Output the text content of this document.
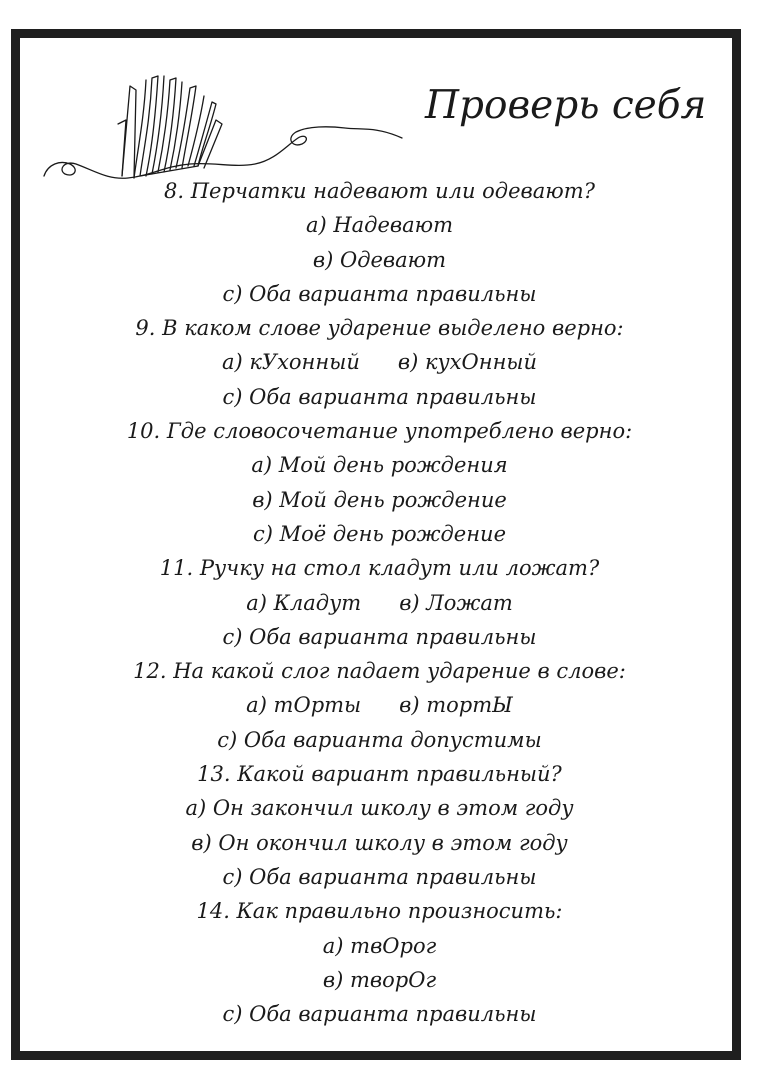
Проверь себя
8. Перчатки надевают или одевают?
а) Надевают
в) Одевают
с) Оба варианта правильны
9. В каком слове ударение выделено верно:
а) кУхонный в) кухОнный
с) Оба варианта правильны
10. Где словосочетание употреблено верно:
а) Мой день рождения
в) Мой день рождение
с) Моё день рождение
11. Ручку на стол кладут или ложат?
а) Кладут в) Ложат
с) Оба варианта правильны
12. На какой слог падает ударение в слове:
а) тОрты в) тортЫ
с) Оба варианта допустимы
13. Какой вариант правильный?
а) Он закончил школу в этом году
в) Он окончил школу в этом году
с) Оба варианта правильны
14. Как правильно произносить:
а) твОрог
в) творОг
с) Оба варианта правильны
